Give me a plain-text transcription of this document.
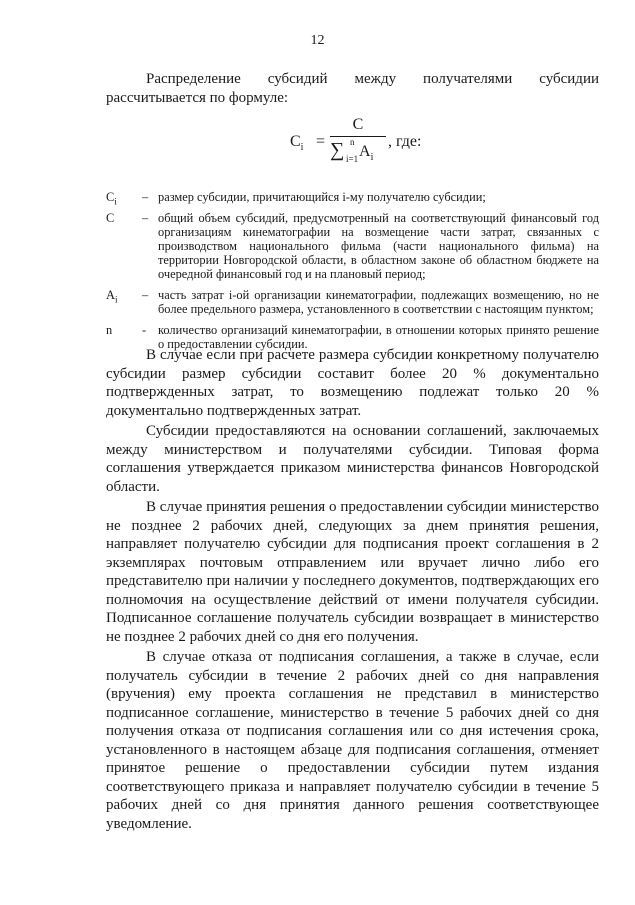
12

Распределение субсидий между получателями субсидии рассчитывается по формуле:

$C_i$ =
C
∑ n
i=1 $A_i$
, где:
$C_i$	– размер субсидии, причитающийся i-му получателю субсидии;
C	– общий объем субсидий, предусмотренный на соответствующий финансовый год организациям кинематографии на возмещение части затрат, связанных с производством национального фильма (части национального фильма) на территории Новгородской области, в областном законе об областном бюджете на очередной финансовый год и на плановый период;
$A_i$	– часть затрат i-ой организации кинематографии, подлежащих возмещению, но не более предельного размера, установленного в соответствии с настоящим пунктом;
n	- количество организаций кинематографии, в отношении которых принято решение о предоставлении субсидии.

В случае если при расчете размера субсидии конкретному получателю субсидии размер субсидии составит более 20 % документально подтвержденных затрат, то возмещению подлежат только 20 % документально подтвержденных затрат.

Субсидии предоставляются на основании соглашений, заключаемых между министерством и получателями субсидии. Типовая форма соглашения утверждается приказом министерства финансов Новгородской области.

В случае принятия решения о предоставлении субсидии министерство не позднее 2 рабочих дней, следующих за днем принятия решения, направляет получателю субсидии для подписания проект соглашения в 2 экземплярах почтовым отправлением или вручает лично либо его представителю при наличии у последнего документов, подтверждающих его полномочия на осуществление действий от имени получателя субсидии. Подписанное соглашение получатель субсидии возвращает в министерство не позднее 2 рабочих дней со дня его получения.

В случае отказа от подписания соглашения, а также в случае, если получатель субсидии в течение 2 рабочих дней со дня направления (вручения) ему проекта соглашения не представил в министерство подписанное соглашение, министерство в течение 5 рабочих дней со дня получения отказа от подписания соглашения или со дня истечения срока, установленного в настоящем абзаце для подписания соглашения, отменяет принятое решение о предоставлении субсидии путем издания соответствующего приказа и направляет получателю субсидии в течение 5 рабочих дней со дня принятия данного решения соответствующее уведомление.
